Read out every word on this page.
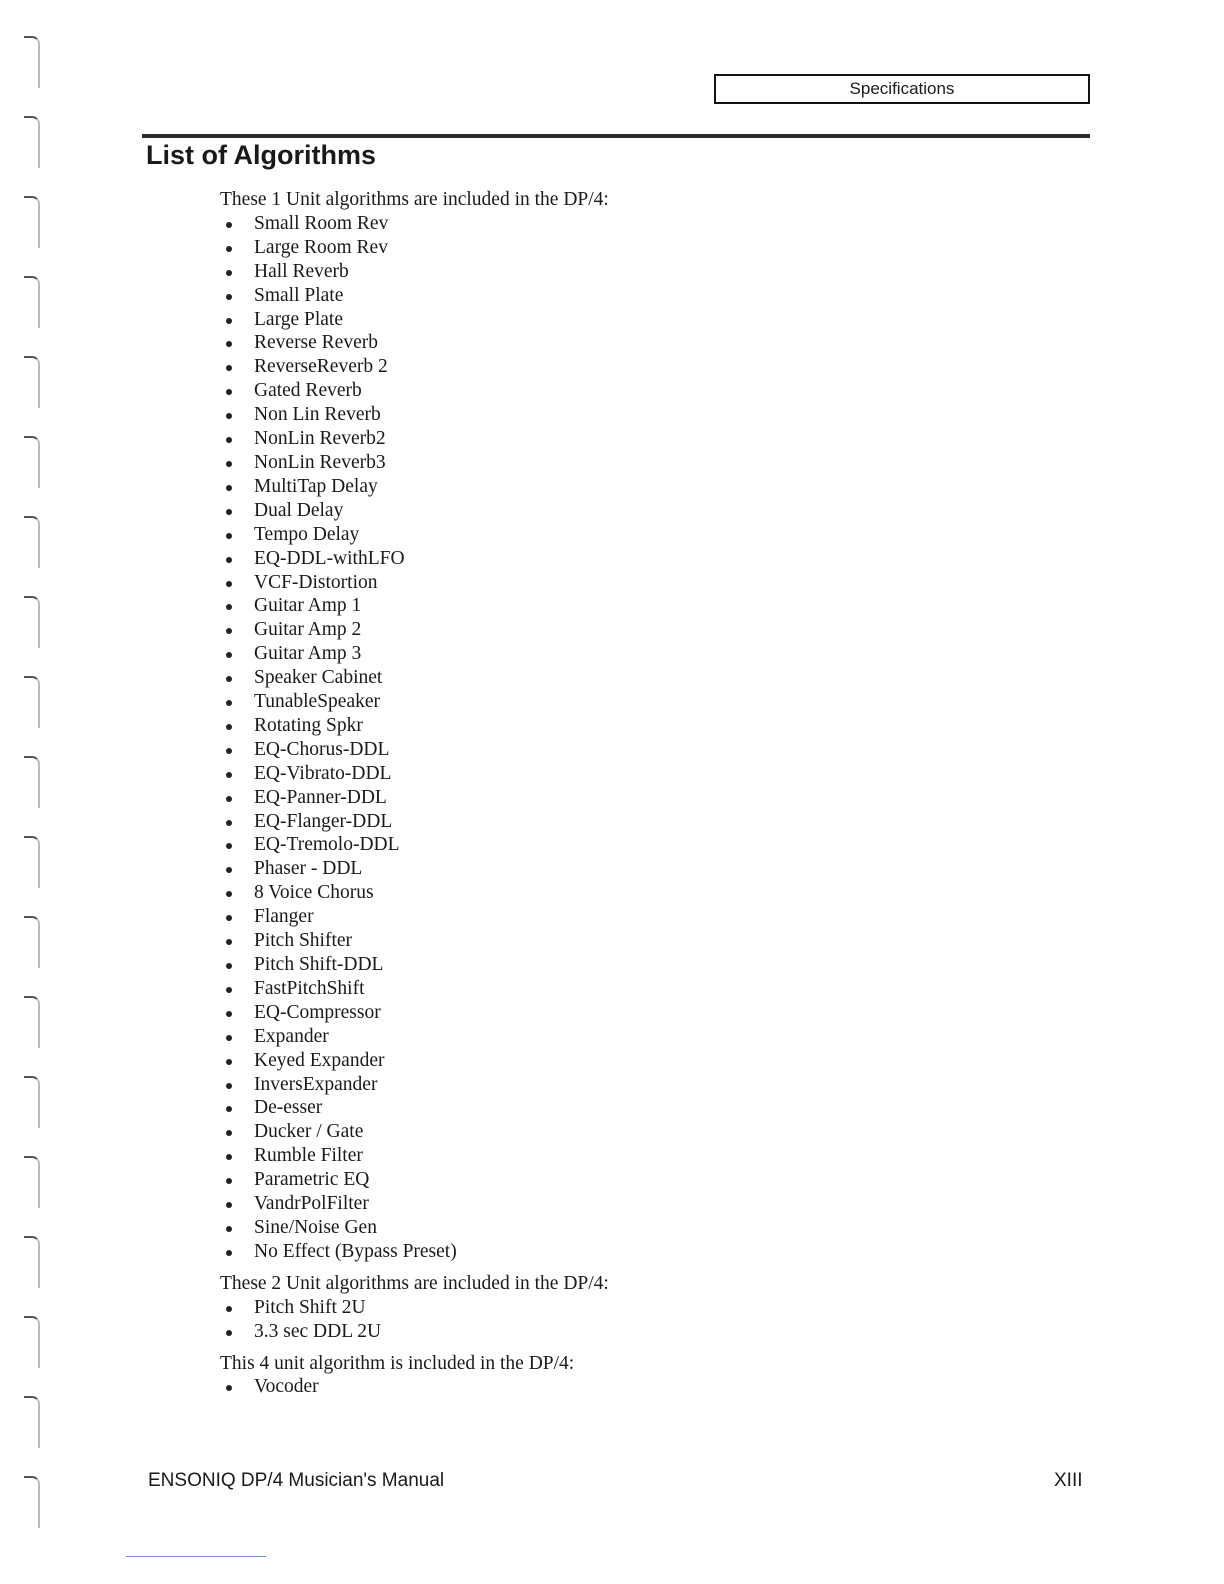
Specifications
List of Algorithms

These 1 Unit algorithms are included in the DP/4:

Small Room Rev
Large Room Rev
Hall Reverb
Small Plate
Large Plate
Reverse Reverb
ReverseReverb 2
Gated Reverb
Non Lin Reverb
NonLin Reverb2
NonLin Reverb3
MultiTap Delay
Dual Delay
Tempo Delay
EQ-DDL-withLFO
VCF-Distortion
Guitar Amp 1
Guitar Amp 2
Guitar Amp 3
Speaker Cabinet
TunableSpeaker
Rotating Spkr
EQ-Chorus-DDL
EQ-Vibrato-DDL
EQ-Panner-DDL
EQ-Flanger-DDL
EQ-Tremolo-DDL
Phaser - DDL
8 Voice Chorus
Flanger
Pitch Shifter
Pitch Shift-DDL
FastPitchShift
EQ-Compressor
Expander
Keyed Expander
InversExpander
De-esser
Ducker / Gate
Rumble Filter
Parametric EQ
VandrPolFilter
Sine/Noise Gen
No Effect (Bypass Preset)

These 2 Unit algorithms are included in the DP/4:

Pitch Shift 2U
3.3 sec DDL 2U

This 4 unit algorithm is included in the DP/4:

Vocoder
ENSONIQ DP/4 Musician's Manual	XIII
